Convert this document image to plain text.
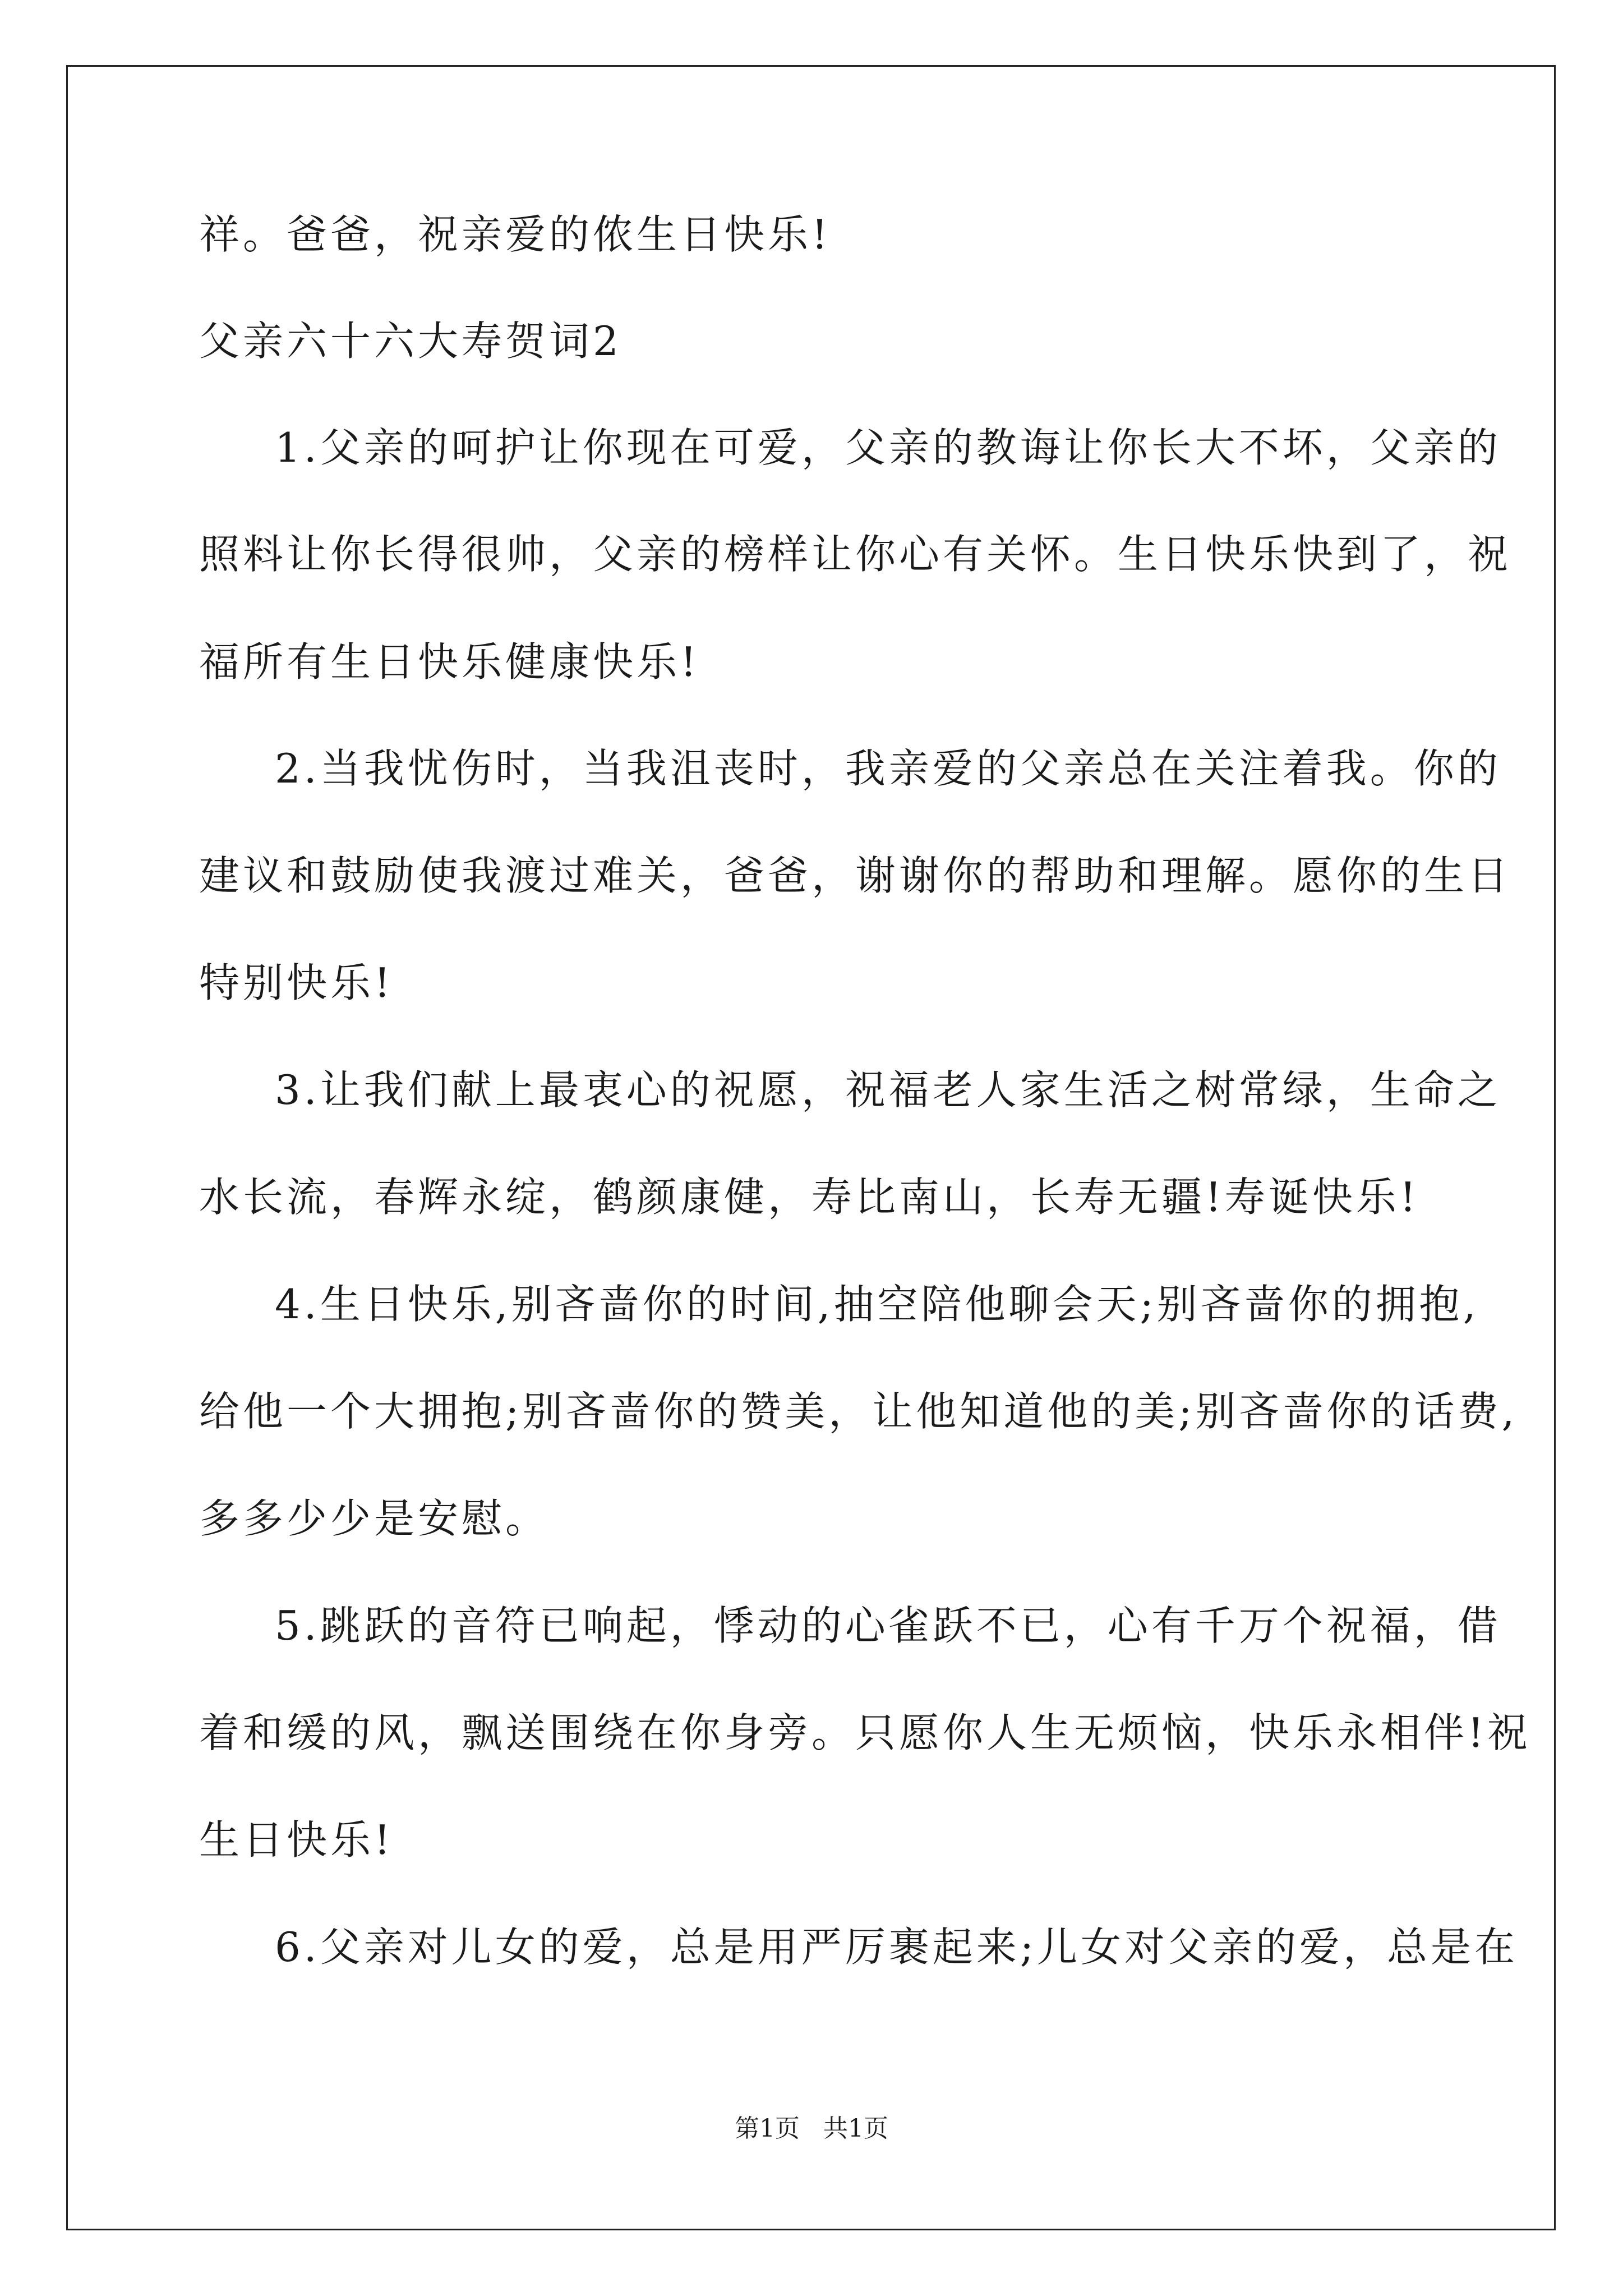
祥。爸爸，祝亲爱的侬生日快乐!

父亲六十六大寿贺词2

1.父亲的呵护让你现在可爱，父亲的教诲让你长大不坏，父亲的

照料让你长得很帅，父亲的榜样让你心有关怀。生日快乐快到了，祝

福所有生日快乐健康快乐!

2.当我忧伤时，当我沮丧时，我亲爱的父亲总在关注着我。你的

建议和鼓励使我渡过难关，爸爸，谢谢你的帮助和理解。愿你的生日

特别快乐!

3.让我们献上最衷心的祝愿，祝福老人家生活之树常绿，生命之

水长流，春辉永绽，鹤颜康健，寿比南山，长寿无疆!寿诞快乐!

4.生日快乐,别吝啬你的时间,抽空陪他聊会天;别吝啬你的拥抱,

给他一个大拥抱;别吝啬你的赞美，让他知道他的美;别吝啬你的话费,

多多少少是安慰。

5.跳跃的音符已响起，悸动的心雀跃不已，心有千万个祝福，借

着和缓的风，飘送围绕在你身旁。只愿你人生无烦恼，快乐永相伴!祝

生日快乐!

6.父亲对儿女的爱，总是用严厉裹起来;儿女对父亲的爱，总是在

第1页   共1页
